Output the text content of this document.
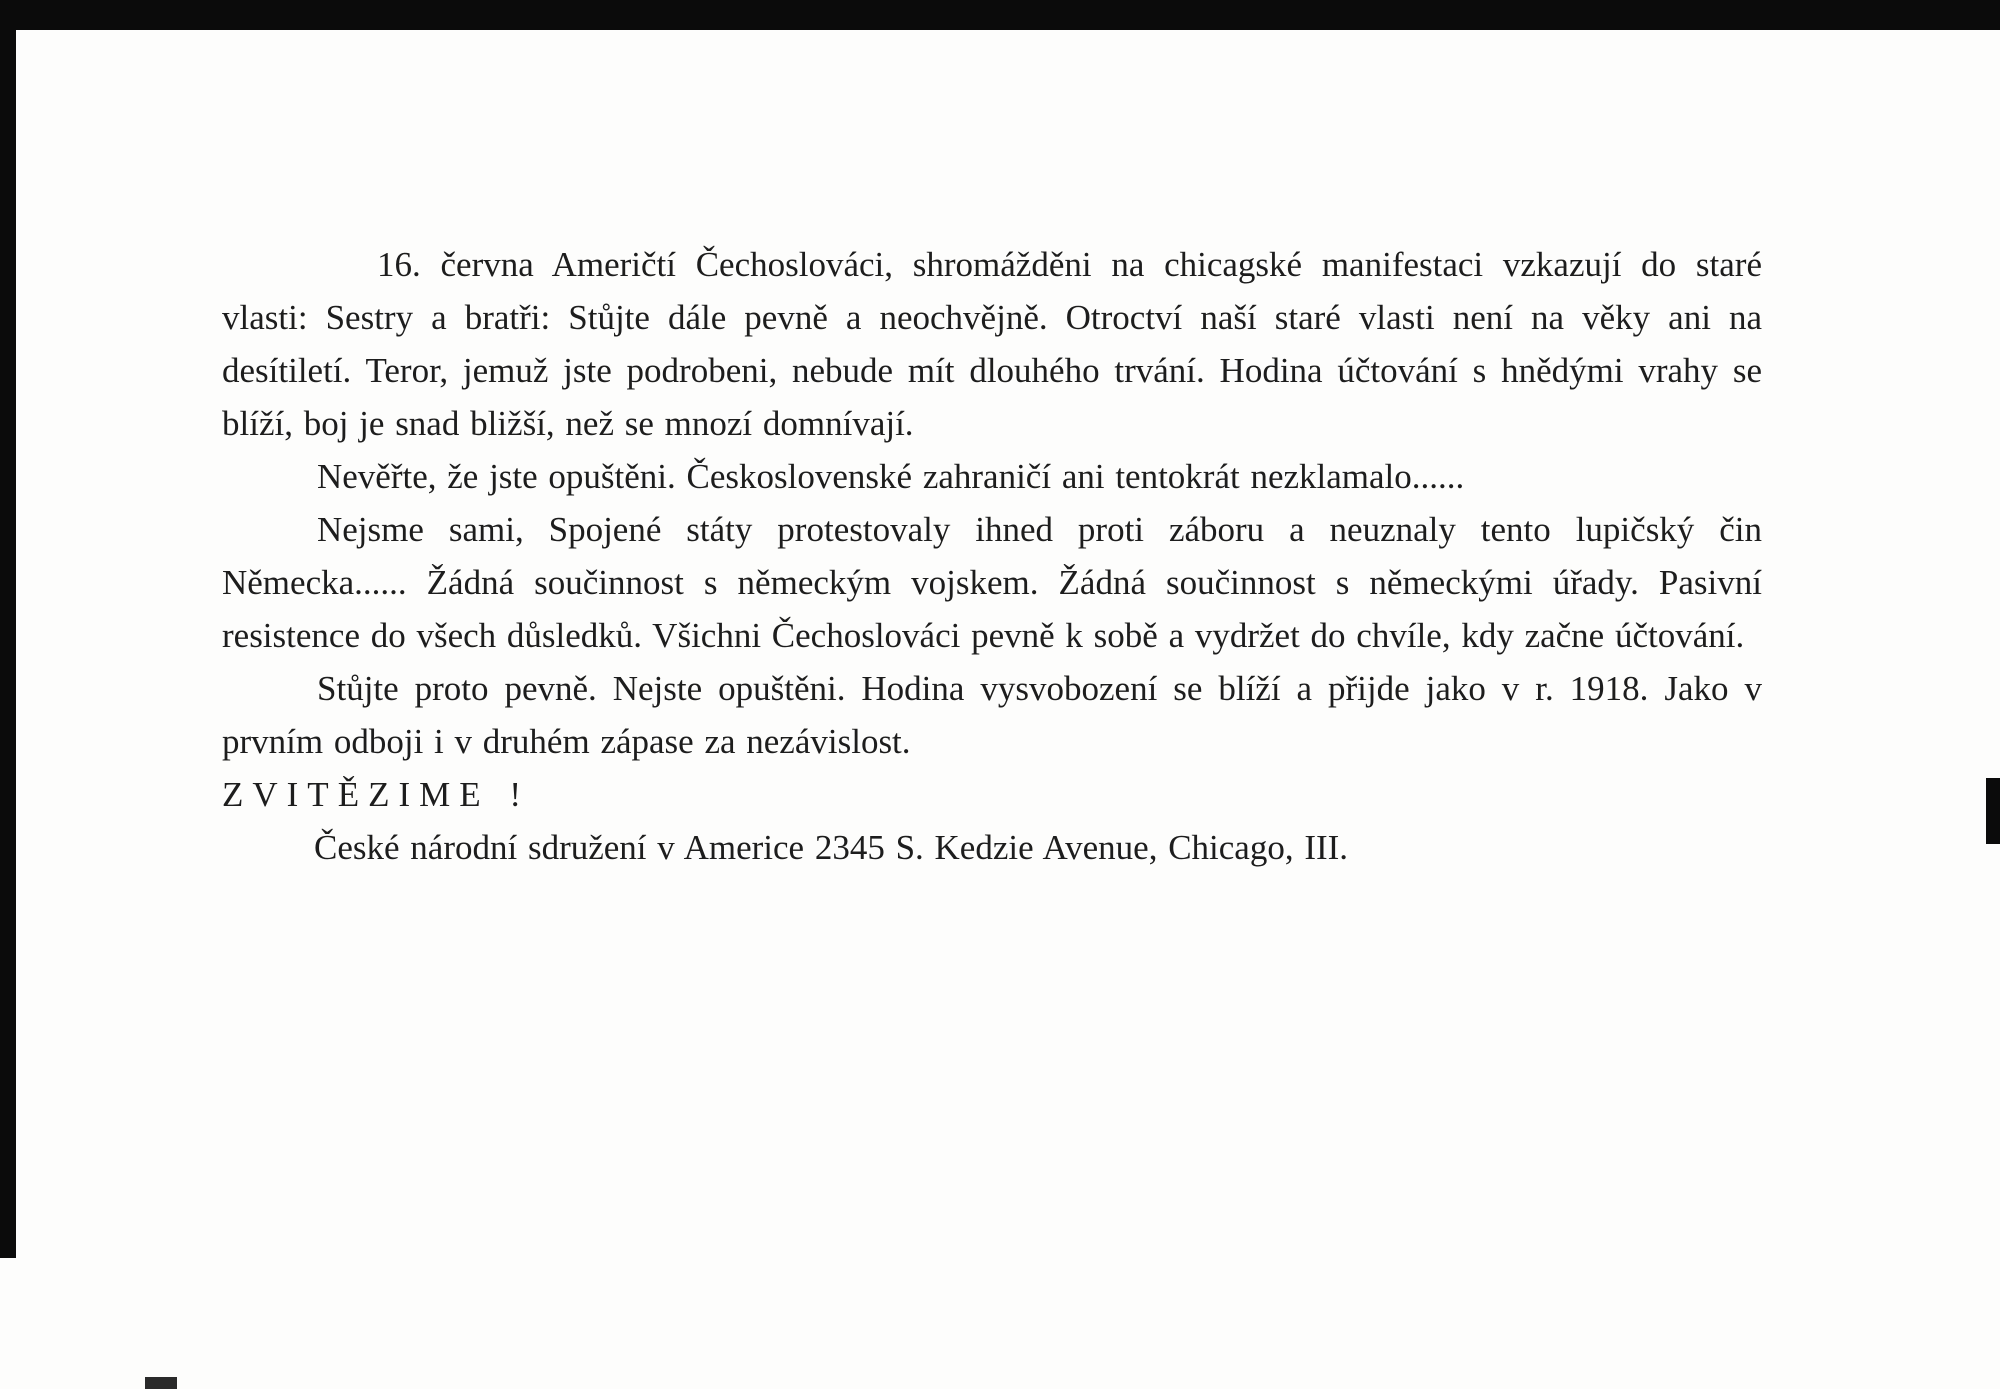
16. června Američtí Čechoslováci, shromážděni na chicagské manifestaci vzkazují do staré vlasti: Sestry a bratři: Stůjte dále pevně a neochvějně. Otroctví naší staré vlasti není na věky ani na desítiletí. Teror, jemuž jste podrobeni, nebude mít dlouhého trvání. Hodina účtování s hnědými vrahy se blíží, boj je snad bližší, než se mnozí domnívají.

Nevěřte, že jste opuštěni. Československé zahraničí ani tentokrát nezklamalo......

Nejsme sami, Spojené státy protestovaly ihned proti záboru a neuznaly tento lupičský čin Německa...... Žádná součinnost s německým vojskem. Žádná součinnost s německými úřady. Pasivní resistence do všech důsledků. Všichni Čechoslováci pevně k sobě a vydržet do chvíle, kdy začne účtování.

Stůjte proto pevně. Nejste opuštěni. Hodina vysvobození se blíží a přijde jako v r. 1918. Jako v prvním odboji i v druhém zápase za nezávislost.

ZVITĚZIME !

České národní sdružení v Americe 2345 S. Kedzie Avenue, Chicago, III.
